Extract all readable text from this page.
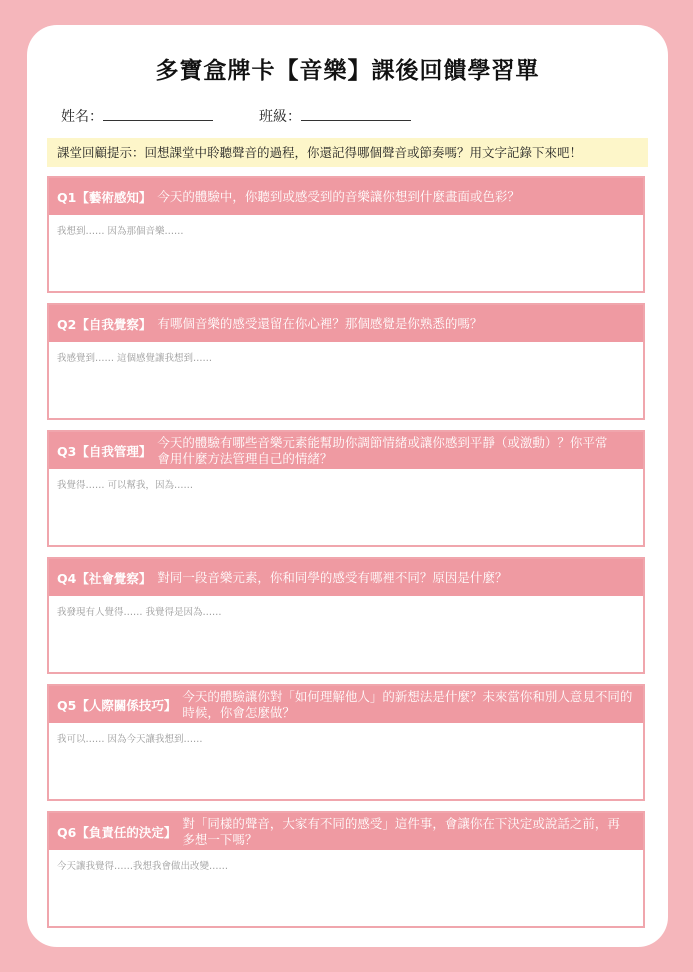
多寶盒牌卡【音樂】課後回饋學習單
姓名：	班級：
課堂回顧提示：回想課堂中聆聽聲音的過程，你還記得哪個聲音或節奏嗎？用文字記錄下來吧！
Q1【藝術感知】 今天的體驗中，你聽到或感受到的音樂讓你想到什麼畫面或色彩？
我想到…… 因為那個音樂……
Q2【自我覺察】 有哪個音樂的感受還留在你心裡？那個感覺是你熟悉的嗎？
我感覺到…… 這個感覺讓我想到……
Q3【自我管理】
今天的體驗有哪些音樂元素能幫助你調節情緒或讓你感到平靜（或激動）？你平常會用什麼方法管理自己的情緒？
我覺得…… 可以幫我，因為……
Q4【社會覺察】 對同一段音樂元素，你和同學的感受有哪裡不同？原因是什麼？
我發現有人覺得…… 我覺得是因為……
Q5【人際關係技巧】
今天的體驗讓你對「如何理解他人」的新想法是什麼？未來當你和別人意見不同的時候，你會怎麼做？
我可以…… 因為今天讓我想到……
Q6【負責任的決定】
對「同樣的聲音，大家有不同的感受」這件事，會讓你在下決定或說話之前，再多想一下嗎？
今天讓我覺得……我想我會做出改變……
